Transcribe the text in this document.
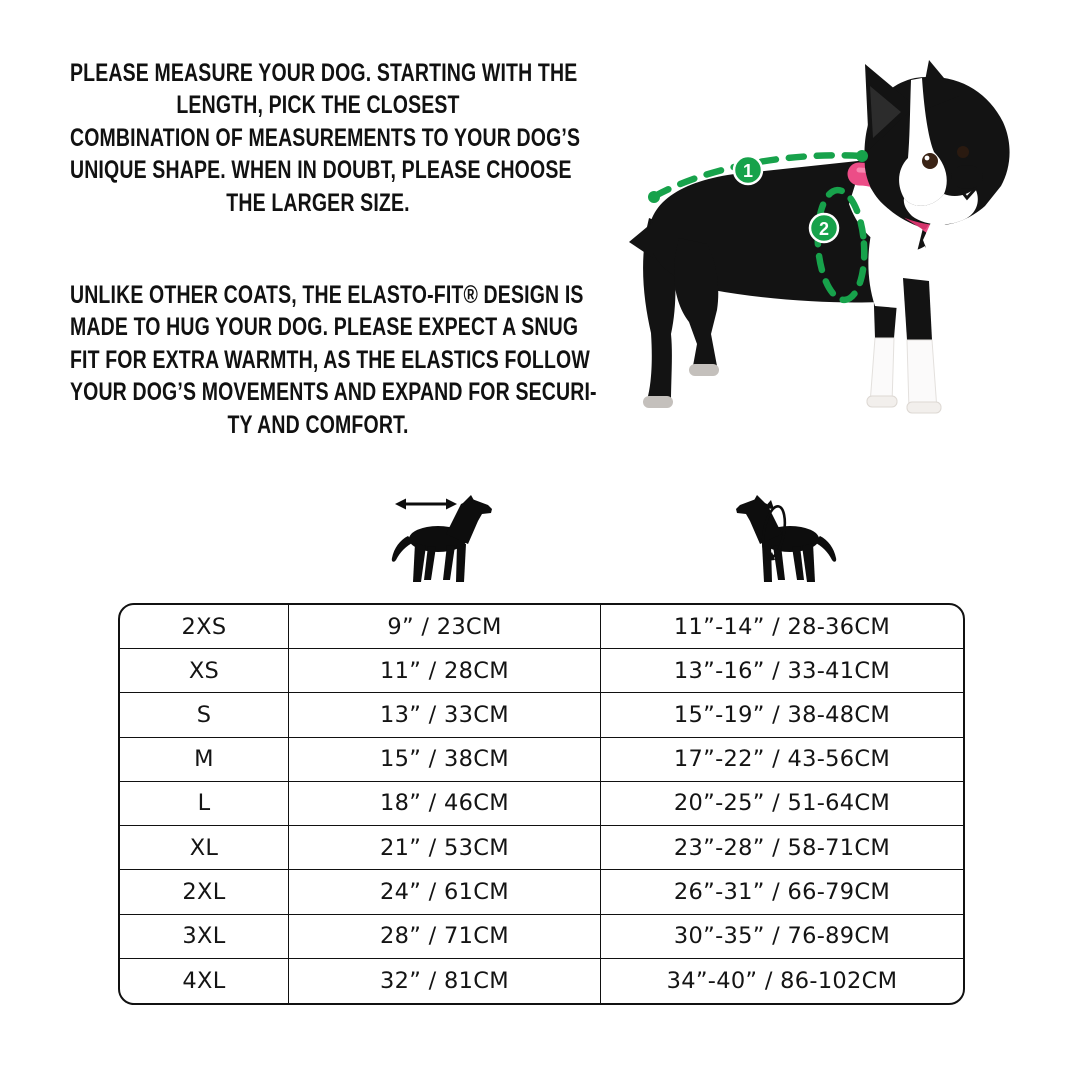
PLEASE MEASURE YOUR DOG. STARTING WITH THE
LENGTH, PICK THE CLOSEST
COMBINATION OF MEASUREMENTS TO YOUR DOG’S
UNIQUE SHAPE. WHEN IN DOUBT, PLEASE CHOOSE
THE LARGER SIZE.
UNLIKE OTHER COATS, THE ELASTO-FIT® DESIGN IS
MADE TO HUG YOUR DOG. PLEASE EXPECT A SNUG
FIT FOR EXTRA WARMTH, AS THE ELASTICS FOLLOW
YOUR DOG’S MOVEMENTS AND EXPAND FOR SECURI-
TY AND COMFORT.
1
2
2XS	9” / 23CM	11”-14” / 28-36CM
XS	11” / 28CM	13”-16” / 33-41CM
S	13” / 33CM	15”-19” / 38-48CM
M	15” / 38CM	17”-22” / 43-56CM
L	18” / 46CM	20”-25” / 51-64CM
XL	21” / 53CM	23”-28” / 58-71CM
2XL	24” / 61CM	26”-31” / 66-79CM
3XL	28” / 71CM	30”-35” / 76-89CM
4XL	32” / 81CM	34”-40” / 86-102CM
